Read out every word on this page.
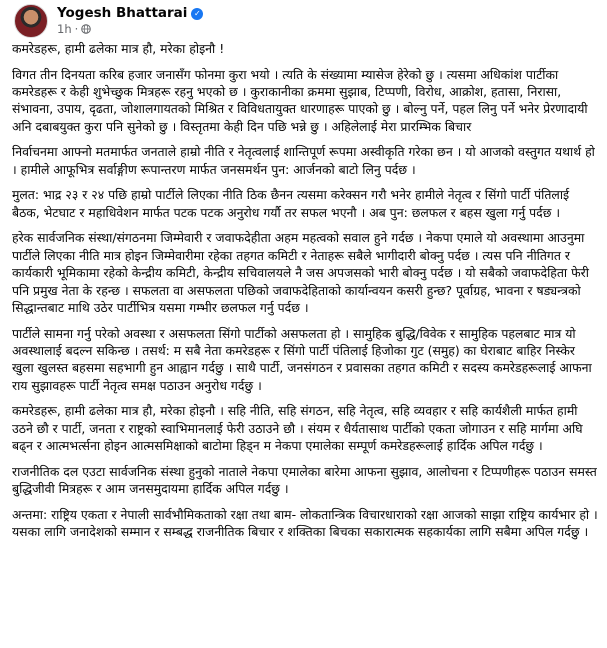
Yogesh Bhattarai ✓
1h ·

कमरेडहरू, हामी ढलेका मात्र हौ, मरेका होइनौ !

विगत तीन दिनयता करिब हजार जनासँग फोनमा कुरा भयो । त्यति के संख्यामा म्यासेज हेरेको छु । त्यसमा अधिकांश पार्टीका कमरेडहरू र केही शुभेच्छुक मित्रहरू रहनु भएको छ । कुराकानीका क्रममा सुझाब, टिप्पणी, विरोध, आक्रोश, हतासा, निरासा, संभावना, उपाय, दृढता, जोशालगायतको मिश्रित र विविधतायुक्त धारणाहरू पाएको छु । बोल्नु पर्ने, पहल लिनु पर्ने भनेर प्रेरणादायी अनि दबाबयुक्त कुरा पनि सुनेको छु । विस्तृतमा केही दिन पछि भन्ने छु । अहिलेलाई मेरा प्रारम्भिक बिचार

निर्वाचनमा आफ्नो मतमार्फत जनताले हाम्रो नीति र नेतृत्वलाई शान्तिपूर्ण रूपमा अस्वीकृति गरेका छन । यो आजको वस्तुगत यथार्थ हो । हामीले आफूभित्र सर्वाङ्गीण रूपान्तरण मार्फत जनसमर्थन पुन: आर्जनको बाटो लिनु पर्दछ ।

मुलत: भाद्र २३ र २४ पछि हाम्रो पार्टीले लिएका नीति ठिक छैनन त्यसमा करेक्सन गरौ भनेर हामीले नेतृत्व र सिंगो पार्टी पंतिलाई बैठक, भेटघाट र महाधिवेशन मार्फत पटक पटक अनुरोध गर्यौ तर सफल भएनौ । अब पुन: छलफल र बहस खुला गर्नु पर्दछ ।

हरेक सार्वजनिक संस्था/संगठनमा जिम्मेवारी र जवाफदेहीता अहम महत्वको सवाल हुने गर्दछ । नेकपा एमाले यो अवस्थामा आउनुमा पार्टीले लिएका नीति मात्र होइन जिम्मेवारीमा रहेका तहगत कमिटी र नेताहरू सबैले भागीदारी बोक्नु पर्दछ । त्यस पनि नीतिगत र कार्यकारी भूमिकामा रहेको केन्द्रीय कमिटी, केन्द्रीय सचिवालयले नै जस अपजसको भारी बोक्नु पर्दछ । यो सबैको जवाफदेहिता फेरी पनि प्रमुख नेता के रहन्छ । सफलता वा असफलता पछिको जवाफदेहिताको कार्यान्वयन कसरी हुन्छ? पूर्वाग्रह, भावना र षड्यन्त्रको सिद्धान्तबाट माथि उठेर पार्टीभित्र यसमा गम्भीर छलफल गर्नु पर्दछ ।

पार्टीले सामना गर्नु परेको अवस्था र असफलता सिंगो पार्टीको असफलता हो । सामुहिक बुद्धि/विवेक र सामुहिक पहलबाट मात्र यो अवस्थालाई बदल्न सकिन्छ । तसर्थ: म सबै नेता कमरेडहरू र सिंगो पार्टी पंतिलाई हिजोका गुट (समुह) का घेराबाट बाहिर निस्केर खुला खुलस्त बहसमा सहभागी हुन आह्वान गर्दछु । साथै पार्टी, जनसंगठन र प्रवासका तहगत कमिटी र सदस्य कमरेडहरूलाई आफना राय सुझावहरू पार्टी नेतृत्व समक्ष पठाउन अनुरोध गर्दछु ।

कमरेडहरू, हामी ढलेका मात्र हौ, मरेका होइनौ । सहि नीति, सहि संगठन, सहि नेतृत्व, सहि व्यवहार र सहि कार्यशैली मार्फत हामी उठने छौ र पार्टी, जनता र राष्ट्रको स्वाभिमानलाई फेरी उठाउने छौ । संयम र धैर्यतासाथ पार्टीको एकता जोगाउन र सहि मार्गमा अघि बढ्न र आत्मभर्त्सना होइन आत्मसमिक्षाको बाटोमा हिड्न म नेकपा एमालेका सम्पूर्ण कमरेडहरूलाई हार्दिक अपिल गर्दछु ।

राजनीतिक दल एउटा सार्वजनिक संस्था हुनुको नाताले नेकपा एमालेका बारेमा आफना सुझाव, आलोचना र टिप्पणीहरू पठाउन समस्त बुद्धिजीवी मित्रहरू र आम जनसमुदायमा हार्दिक अपिल गर्दछु ।

अन्तमा: राष्ट्रिय एकता र नेपाली सार्वभौमिकताको रक्षा तथा बाम- लोकतान्त्रिक विचारधाराको रक्षा आजको साझा राष्ट्रिय कार्यभार हो । यसका लागि जनादेशको सम्मान र सम्बद्ध राजनीतिक बिचार र शक्तिका बिचका सकारात्मक सहकार्यका लागि सबैमा अपिल गर्दछु ।
